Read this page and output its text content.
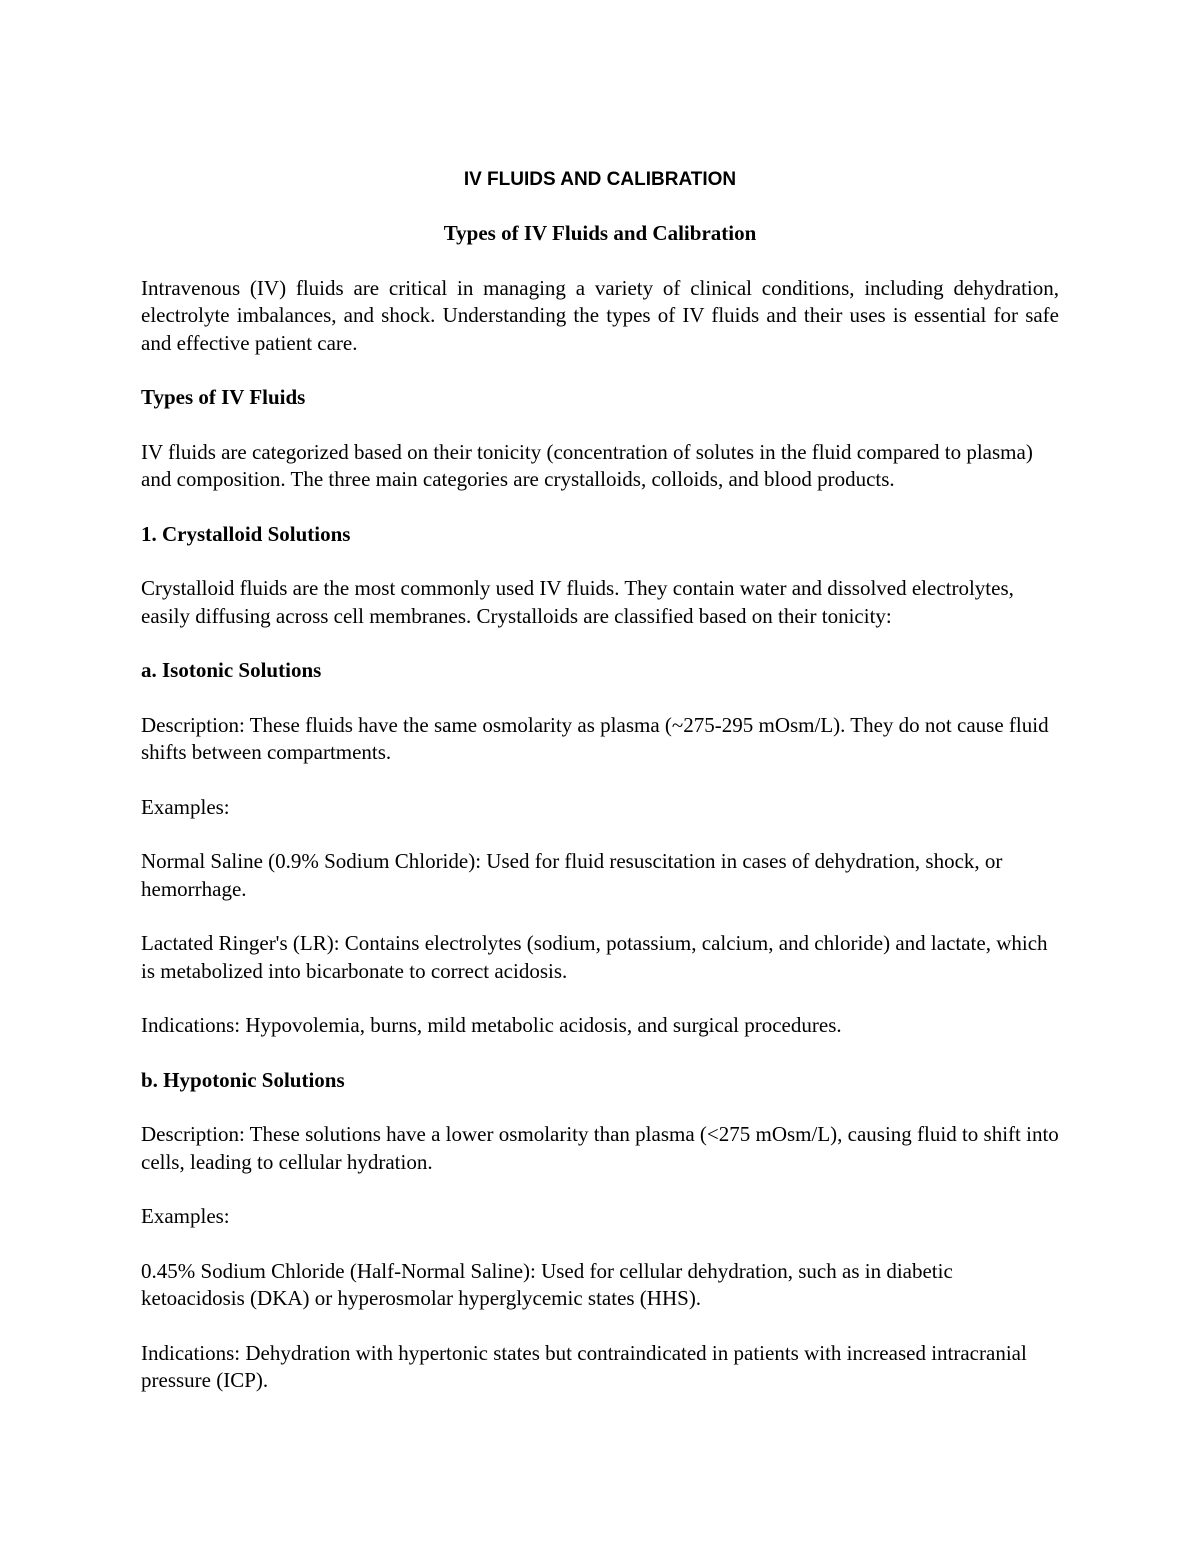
IV FLUIDS AND CALIBRATION
Types of IV Fluids and Calibration

Intravenous (IV) fluids are critical in managing a variety of clinical conditions, including dehydration, electrolyte imbalances, and shock. Understanding the types of IV fluids and their uses is essential for safe and effective patient care.

Types of IV Fluids

IV fluids are categorized based on their tonicity (concentration of solutes in the fluid compared to plasma) and composition. The three main categories are crystalloids, colloids, and blood products.

1. Crystalloid Solutions

Crystalloid fluids are the most commonly used IV fluids. They contain water and dissolved electrolytes, easily diffusing across cell membranes. Crystalloids are classified based on their tonicity:

a. Isotonic Solutions

Description: These fluids have the same osmolarity as plasma (~275-295 mOsm/L). They do not cause fluid shifts between compartments.

Examples:

Normal Saline (0.9% Sodium Chloride): Used for fluid resuscitation in cases of dehydration, shock, or hemorrhage.

Lactated Ringer's (LR): Contains electrolytes (sodium, potassium, calcium, and chloride) and lactate, which is metabolized into bicarbonate to correct acidosis.

Indications: Hypovolemia, burns, mild metabolic acidosis, and surgical procedures.

b. Hypotonic Solutions

Description: These solutions have a lower osmolarity than plasma (<275 mOsm/L), causing fluid to shift into cells, leading to cellular hydration.

Examples:

0.45% Sodium Chloride (Half-Normal Saline): Used for cellular dehydration, such as in diabetic ketoacidosis (DKA) or hyperosmolar hyperglycemic states (HHS).

Indications: Dehydration with hypertonic states but contraindicated in patients with increased intracranial pressure (ICP).
